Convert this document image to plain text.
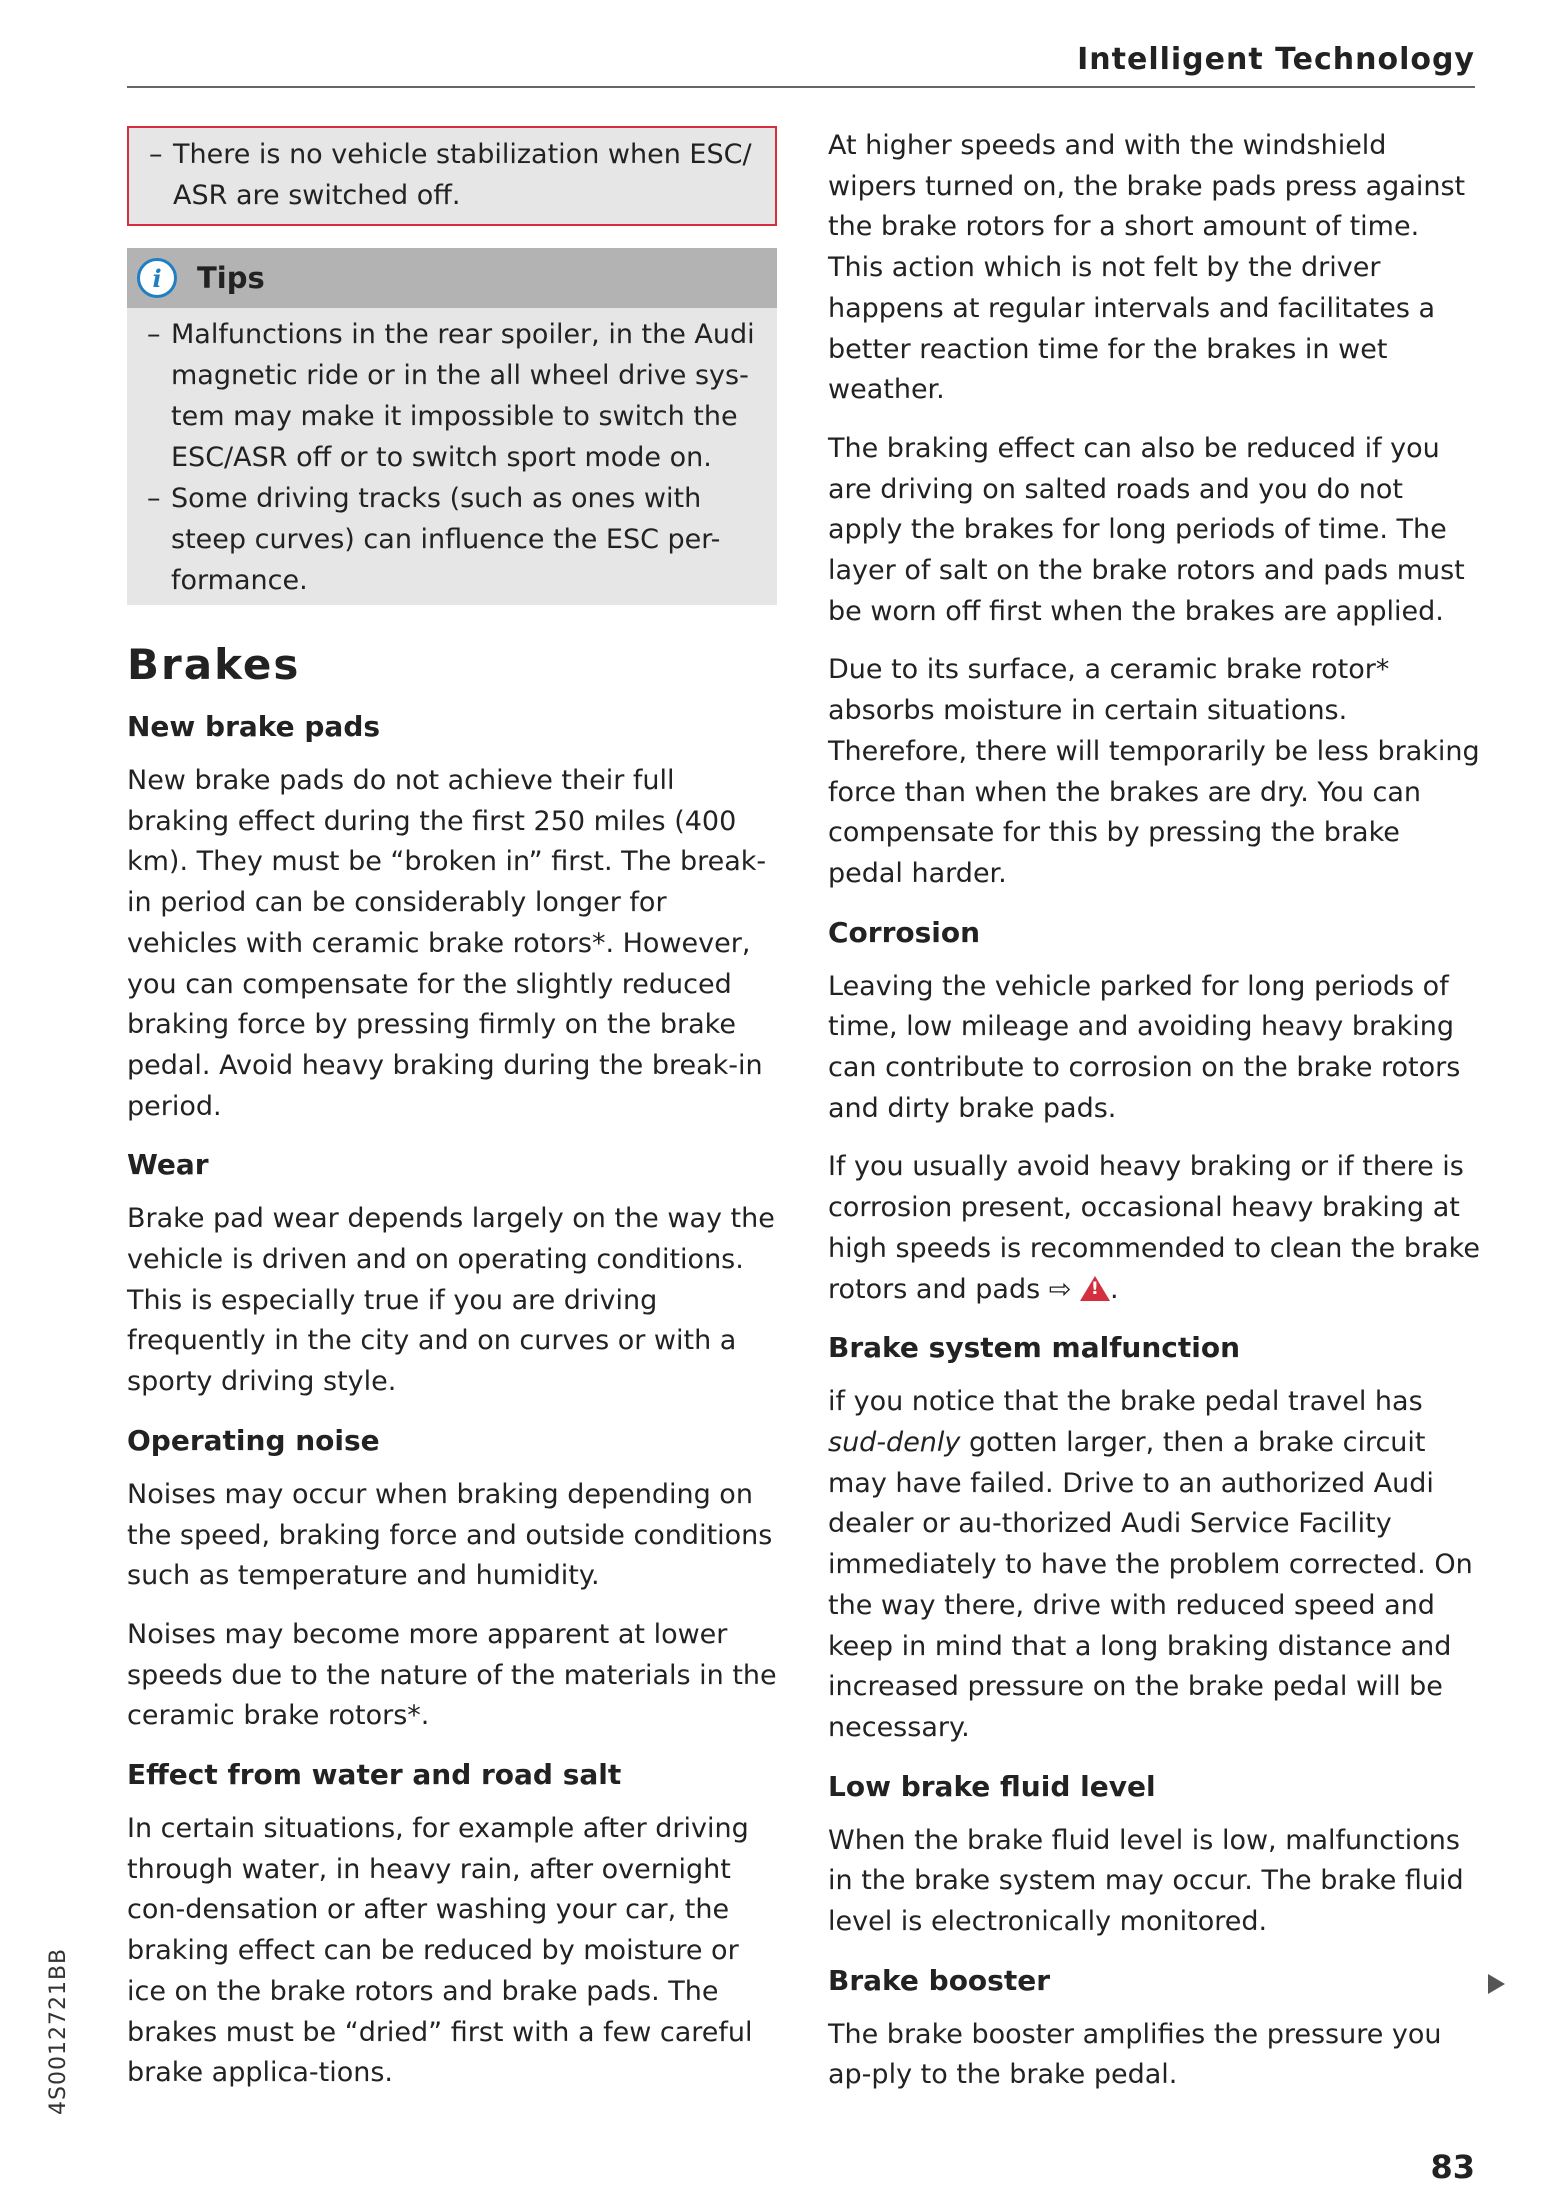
Intelligent Technology
– There is no vehicle stabilization when ESC/ ASR are switched off.
i	Tips
– Malfunctions in the rear spoiler, in the Audi magnetic ride or in the all wheel drive sys-tem may make it impossible to switch the ESC/ASR off or to switch sport mode on.
– Some driving tracks (such as ones with steep curves) can influence the ESC per-formance.
Brakes
New brake pads

New brake pads do not achieve their full braking effect during the first 250 miles (400 km). They must be “broken in” first. The break-in period can be considerably longer for vehicles with ceramic brake rotors*. However, you can compensate for the slightly reduced braking force by pressing firmly on the brake pedal. Avoid heavy braking during the break-in period.

Wear

Brake pad wear depends largely on the way the vehicle is driven and on operating conditions. This is especially true if you are driving frequently in the city and on curves or with a sporty driving style.

Operating noise

Noises may occur when braking depending on the speed, braking force and outside conditions such as temperature and humidity.

Noises may become more apparent at lower speeds due to the nature of the materials in the ceramic brake rotors*.

Effect from water and road salt

In certain situations, for example after driving through water, in heavy rain, after overnight con-densation or after washing your car, the braking effect can be reduced by moisture or ice on the brake rotors and brake pads. The brakes must be “dried” first with a few careful brake applica-tions.

At higher speeds and with the windshield wipers turned on, the brake pads press against the brake rotors for a short amount of time. This action which is not felt by the driver happens at regular intervals and facilitates a better reaction time for the brakes in wet weather.

The braking effect can also be reduced if you are driving on salted roads and you do not apply the brakes for long periods of time. The layer of salt on the brake rotors and pads must be worn off first when the brakes are applied.

Due to its surface, a ceramic brake rotor* absorbs moisture in certain situations. Therefore, there will temporarily be less braking force than when the brakes are dry. You can compensate for this by pressing the brake pedal harder.

Corrosion

Leaving the vehicle parked for long periods of time, low mileage and avoiding heavy braking can contribute to corrosion on the brake rotors and dirty brake pads.

If you usually avoid heavy braking or if there is corrosion present, occasional heavy braking at high speeds is recommended to clean the brake rotors and pads ⇨ ! .

Brake system malfunction

if you notice that the brake pedal travel has sud-denly gotten larger, then a brake circuit may have failed. Drive to an authorized Audi dealer or au-thorized Audi Service Facility immediately to have the problem corrected. On the way there, drive with reduced speed and keep in mind that a long braking distance and increased pressure on the brake pedal will be necessary.

Low brake fluid level

When the brake fluid level is low, malfunctions in the brake system may occur. The brake fluid level is electronically monitored.

Brake booster

The brake booster amplifies the pressure you ap-ply to the brake pedal.

4S0012721BB
83
